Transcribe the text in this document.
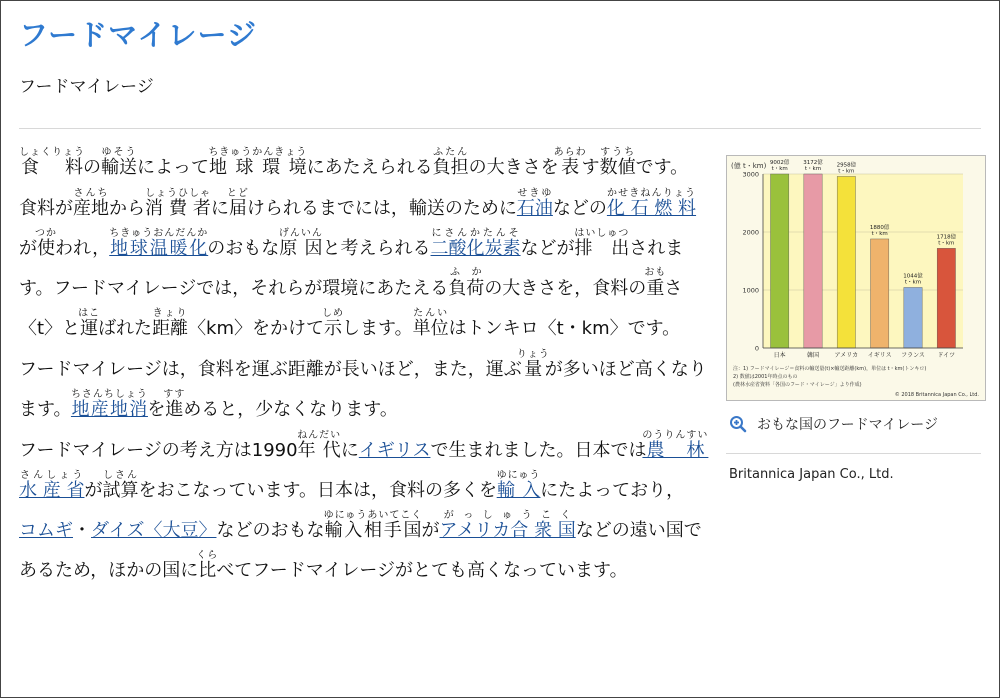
フードマイレージ
フードマイレージ

食　料しょくりょうの輸送ゆそうによって地 球 環 境ちきゅうかんきょうにあたえられる負担ふたんの大きさを表あらわす数値すうちです。

食料が産地さんちから消 費 者しょうひしゃに届とどけられるまでには，輸送のために石油せきゆなどの化 石 燃 料かせきねんりょうが使つかわれ，地球温暖化ちきゅうおんだんかのおもな原 因げんいんと考えられる二酸化炭素にさんかたんそなどが排　出はいしゅつされます。フードマイレージでは，それらが環境にあたえる負荷ふ かの大きさを，食料の重おもさ〈t〉と運はこばれた距離きょり〈km〉をかけて示しめします。単位たんいはトンキロ〈t・km〉です。

フードマイレージは，食料を運ぶ距離が長いほど，また，運ぶ量りょうが多いほど高くなります。地産地消ちさんちしょうを進すすめると，少なくなります。

フードマイレージの考え方は1990年 代ねんだいにイギリスで生まれました。日本では農 林 水 産 省のうりんすいさんしょうが試算しさんをおこなっています。日本は，食料の多くを輸 入ゆにゅうにたよっており，コムギ・ダイズ〈大豆〉などのおもな輸入相手国ゆにゅうあいてこくがアメリカ合 衆 国がっしゅうこくなどの遠い国であるため，ほかの国に比くらべてフードマイレージがとても高くなっています。

(億 t・km)
0
1000
2000
3000
9002億
t・km
日本
3172億
t・km
韓国
2958億
t・km
アメリカ
1880億
t・km
イギリス
1044億
t・km
フランス
1718億
t・km
ドイツ
注：1) フードマイレージ＝食料の輸送量(t)×輸送距離(km)，単位は t・km(トンキロ)
2) 数値は2001年時点のもの
(農林水産省資料「各国のフード・マイレージ」より作成)
© 2018 Britannica Japan Co., Ltd.
おもな国のフードマイレージ
Britannica Japan Co., Ltd.
